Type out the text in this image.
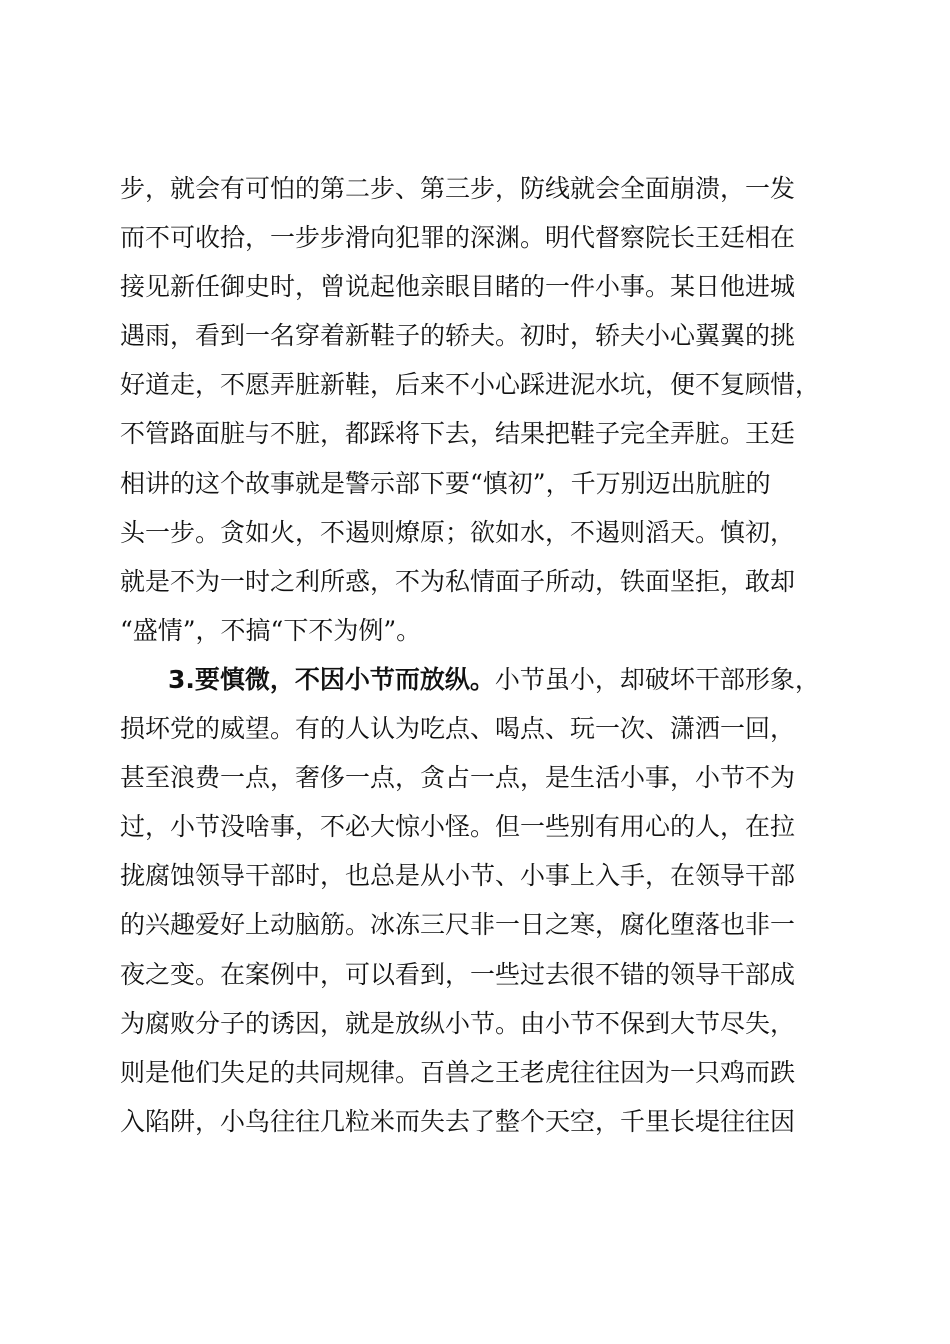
步，就会有可怕的第二步、第三步，防线就会全面崩溃，一发
而不可收拾，一步步滑向犯罪的深渊。明代督察院长王廷相在
接见新任御史时，曾说起他亲眼目睹的一件小事。某日他进城
遇雨，看到一名穿着新鞋子的轿夫。初时，轿夫小心翼翼的挑
好道走，不愿弄脏新鞋，后来不小心踩进泥水坑，便不复顾惜，
不管路面脏与不脏，都踩将下去，结果把鞋子完全弄脏。王廷
相讲的这个故事就是警示部下要“慎初”，千万别迈出肮脏的
头一步。贪如火，不遏则燎原；欲如水，不遏则滔天。慎初，
就是不为一时之利所惑，不为私情面子所动，铁面坚拒，敢却
“盛情”，不搞“下不为例”。
3.要慎微，不因小节而放纵。小节虽小，却破坏干部形象，
损坏党的威望。有的人认为吃点、喝点、玩一次、潇洒一回，
甚至浪费一点，奢侈一点，贪占一点，是生活小事，小节不为
过，小节没啥事，不必大惊小怪。但一些别有用心的人，在拉
拢腐蚀领导干部时，也总是从小节、小事上入手，在领导干部
的兴趣爱好上动脑筋。冰冻三尺非一日之寒，腐化堕落也非一
夜之变。在案例中，可以看到，一些过去很不错的领导干部成
为腐败分子的诱因，就是放纵小节。由小节不保到大节尽失，
则是他们失足的共同规律。百兽之王老虎往往因为一只鸡而跌
入陷阱，小鸟往往几粒米而失去了整个天空，千里长堤往往因
